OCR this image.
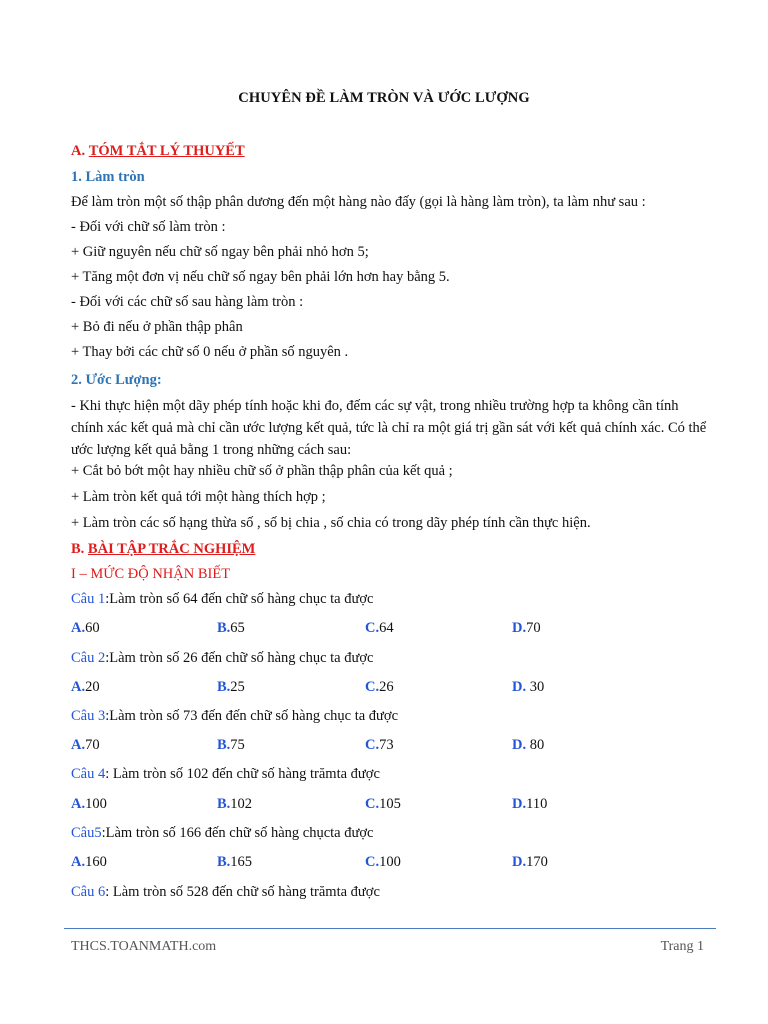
CHUYÊN ĐỀ LÀM TRÒN VÀ ƯỚC LƯỢNG
A. TÓM TẮT LÝ THUYẾT
1. Làm tròn
Để làm tròn một số thập phân dương đến một hàng nào đấy (gọi là hàng làm tròn), ta làm như sau :
- Đối với chữ số làm tròn :
+ Giữ nguyên nếu chữ số ngay bên phải nhỏ hơn 5;
+ Tăng một đơn vị nếu chữ số ngay bên phải lớn hơn hay bằng 5.
- Đối với các chữ số sau hàng làm tròn :
+ Bỏ đi nếu ở phần thập phân
+ Thay bởi các chữ số 0 nếu ở phần số nguyên .
2. Ước Lượng:
- Khi thực hiện một dãy phép tính hoặc khi đo, đếm các sự vật, trong nhiều trường hợp ta không cần tính chính xác kết quả mà chỉ cần ước lượng kết quả, tức là chỉ ra một giá trị gần sát với kết quả chính xác. Có thể ước lượng kết quả bằng 1 trong những cách sau:
+ Cắt bỏ bớt một hay nhiều chữ số ở phần thập phân của kết quả ;
+ Làm tròn kết quả tới một hàng thích hợp ;
+ Làm tròn các số hạng thừa số , số bị chia , số chia có trong dãy phép tính cần thực hiện.
B. BÀI TẬP TRẮC NGHIỆM
I – MỨC ĐỘ NHẬN BIẾT
Câu 1:Làm tròn số 64 đến chữ số hàng chục ta được
A.60	B.65	C.64	D.70
Câu 2:Làm tròn số 26 đến chữ số hàng chục ta được
A.20	B.25	C.26	D. 30
Câu 3:Làm tròn số 73 đến đến chữ số hàng chục ta được
A.70	B.75	C.73	D. 80
Câu 4: Làm tròn số 102 đến chữ số hàng trămta được
A.100	B.102	C.105	D.110
Câu5:Làm tròn số 166 đến chữ số hàng chụcta được
A.160	B.165	C.100	D.170
Câu 6: Làm tròn số 528 đến chữ số hàng trămta được
THCS.TOANMATH.com	Trang 1
